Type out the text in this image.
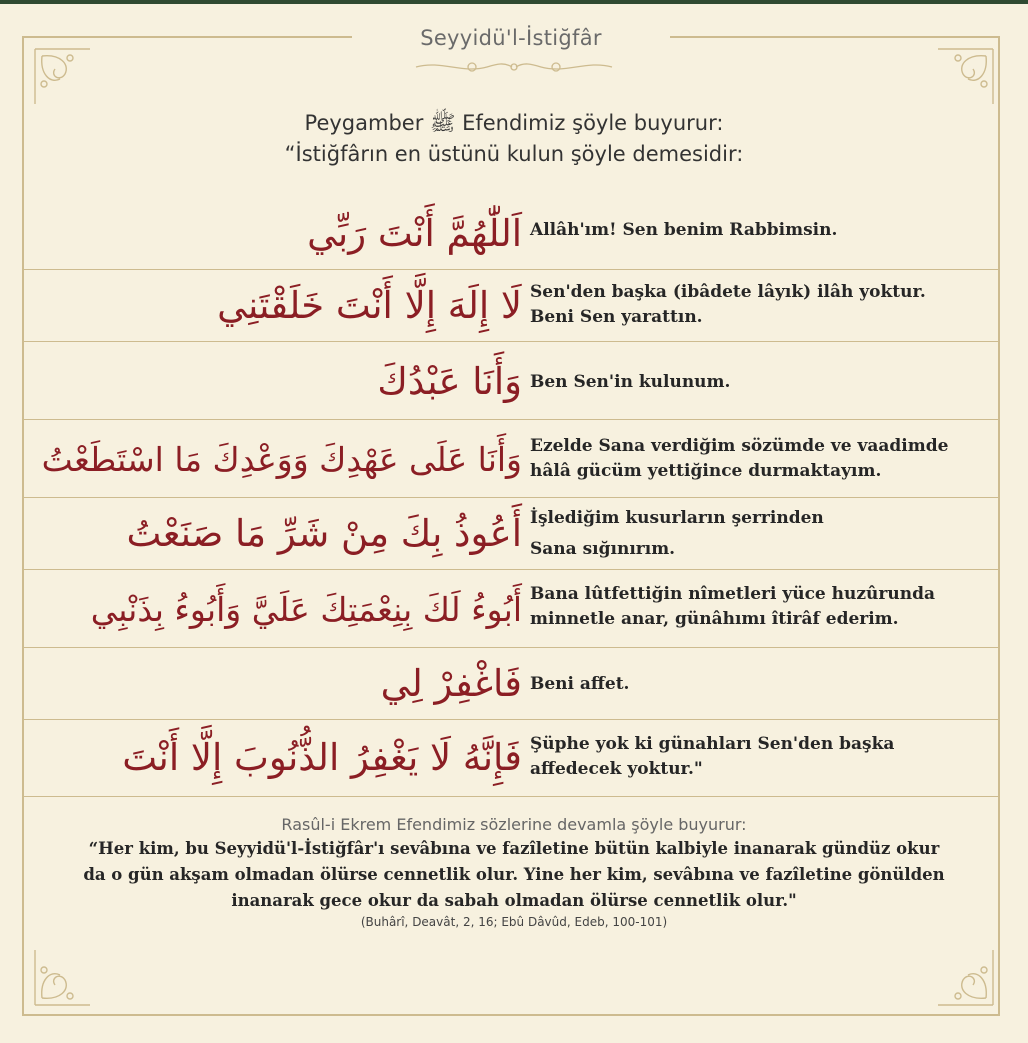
Seyyidü'l-İstiğfâr
Peygamber ﷺ Efendimiz şöyle buyurur:
“İstiğfârın en üstünü kulun şöyle demesidir:
اَللّٰهُمَّ أَنْتَ رَبِّي Allâh'ım! Sen benim Rabbimsin.
لَا إِلَهَ إِلَّا أَنْتَ خَلَقْتَنِي Sen'den başka (ibâdete lâyık) ilâh yoktur.
Beni Sen yarattın.
وَأَنَا عَبْدُكَ Ben Sen'in kulunum.
وَأَنَا عَلَى عَهْدِكَ وَوَعْدِكَ مَا اسْتَطَعْتُ Ezelde Sana verdiğim sözümde ve vaadimde
hâlâ gücüm yettiğince durmaktayım.
أَعُوذُ بِكَ مِنْ شَرِّ مَا صَنَعْتُ İşlediğim kusurların şerrinden
Sana sığınırım.
أَبُوءُ لَكَ بِنِعْمَتِكَ عَلَيَّ وَأَبُوءُ بِذَنْبِي Bana lûtfettiğin nîmetleri yüce huzûrunda
minnetle anar, günâhımı îtirâf ederim.
فَاغْفِرْ لِي Beni affet.
فَإِنَّهُ لَا يَغْفِرُ الذُّنُوبَ إِلَّا أَنْتَ Şüphe yok ki günahları Sen'den başka
affedecek yoktur."
Rasûl-i Ekrem Efendimiz sözlerine devamla şöyle buyurur:
“Her kim, bu Seyyidü'l-İstiğfâr'ı sevâbına ve fazîletine bütün kalbiyle inanarak gündüz okur
da o gün akşam olmadan ölürse cennetlik olur. Yine her kim, sevâbına ve fazîletine gönülden
inanarak gece okur da sabah olmadan ölürse cennetlik olur."
(Buhârî, Deavât, 2, 16; Ebû Dâvûd, Edeb, 100-101)
